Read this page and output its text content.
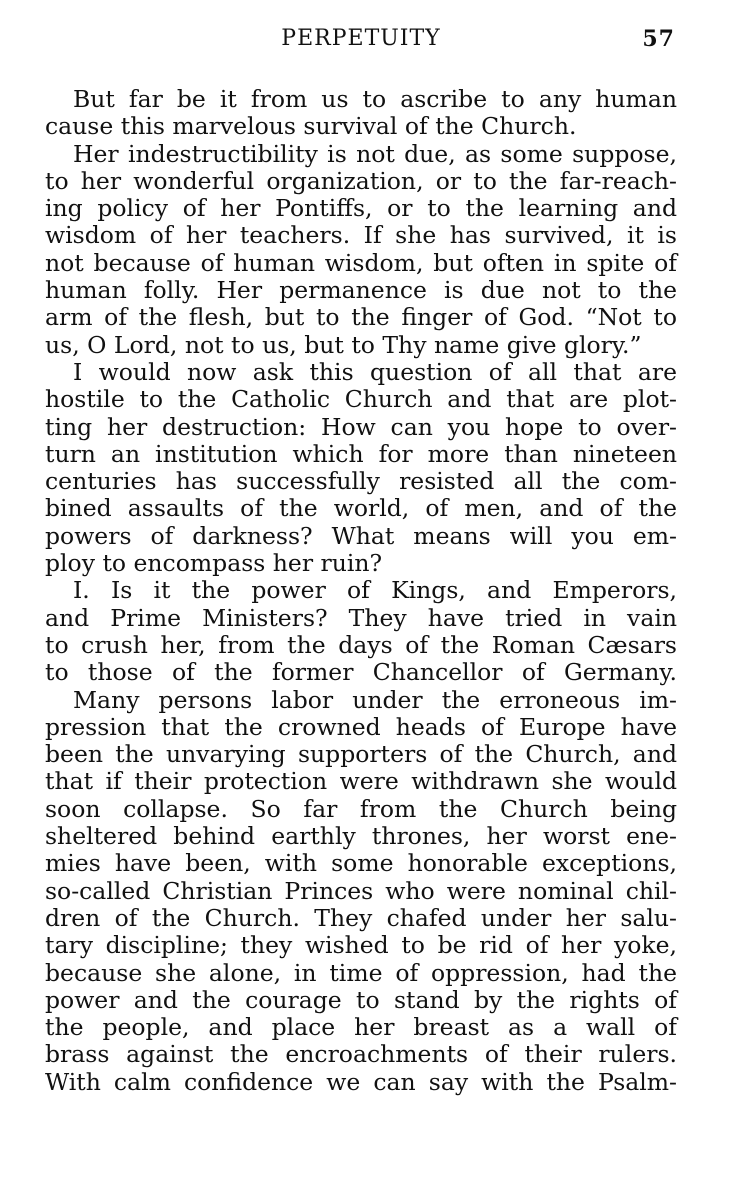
PERPETUITY	57
But far be it from us to ascribe to any human
cause this marvelous survival of the Church.
Her indestructibility is not due, as some suppose,
to her wonderful organization, or to the far-reach-
ing policy of her Pontiffs, or to the learning and
wisdom of her teachers. If she has survived, it is
not because of human wisdom, but often in spite of
human folly. Her permanence is due not to the
arm of the flesh, but to the finger of God. “Not to
us, O Lord, not to us, but to Thy name give glory.”
I would now ask this question of all that are
hostile to the Catholic Church and that are plot-
ting her destruction: How can you hope to over-
turn an institution which for more than nineteen
centuries has successfully resisted all the com-
bined assaults of the world, of men, and of the
powers of darkness? What means will you em-
ploy to encompass her ruin?
I. Is it the power of Kings, and Emperors,
and Prime Ministers? They have tried in vain
to crush her, from the days of the Roman Cæsars
to those of the former Chancellor of Germany.
Many persons labor under the erroneous im-
pression that the crowned heads of Europe have
been the unvarying supporters of the Church, and
that if their protection were withdrawn she would
soon collapse. So far from the Church being
sheltered behind earthly thrones, her worst ene-
mies have been, with some honorable exceptions,
so-called Christian Princes who were nominal chil-
dren of the Church. They chafed under her salu-
tary discipline; they wished to be rid of her yoke,
because she alone, in time of oppression, had the
power and the courage to stand by the rights of
the people, and place her breast as a wall of
brass against the encroachments of their rulers.
With calm confidence we can say with the Psalm-
